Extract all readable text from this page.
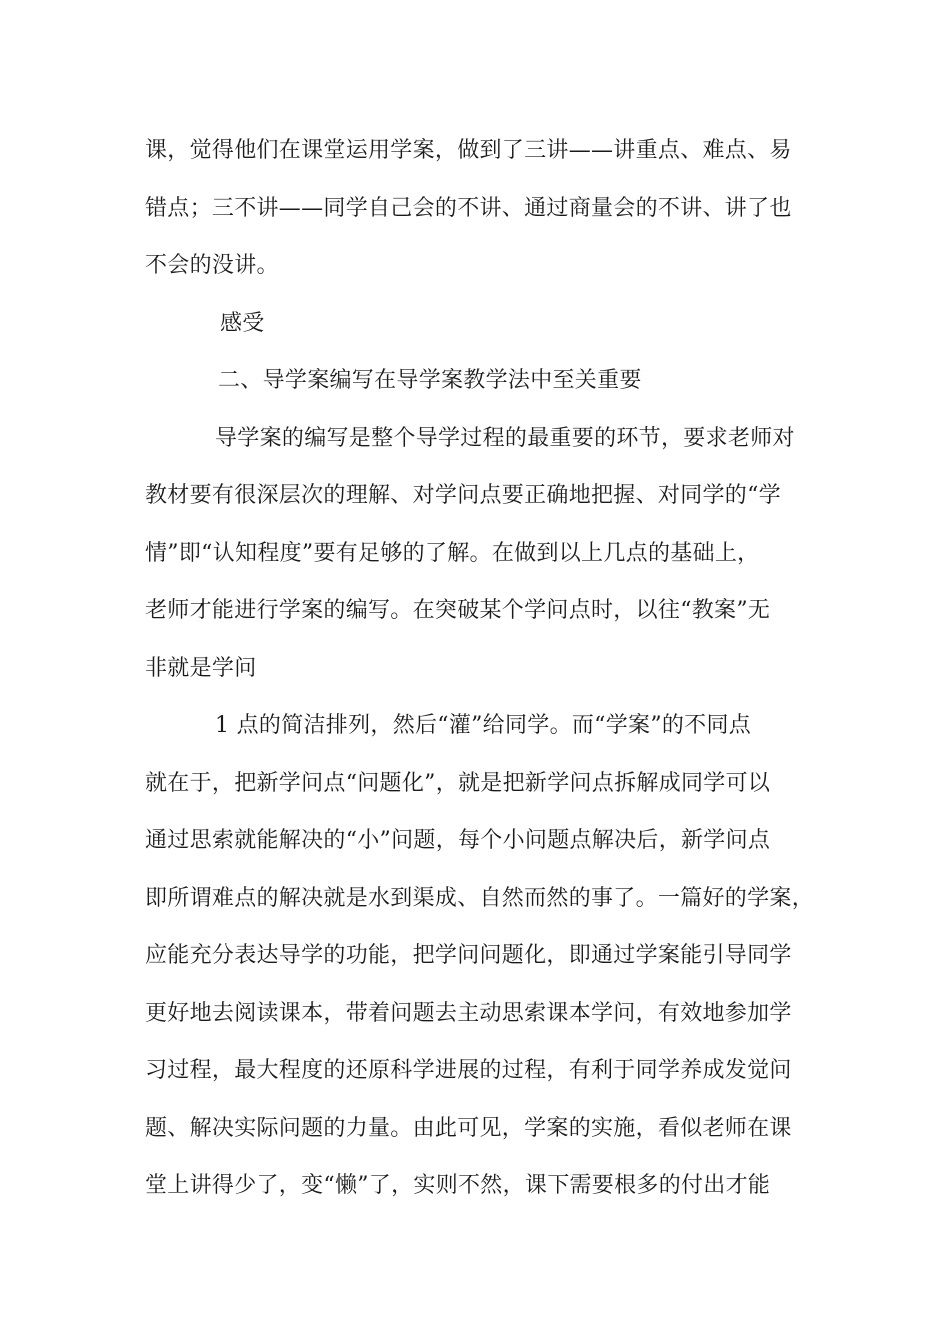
课，觉得他们在课堂运用学案，做到了三讲——讲重点、难点、易
错点；三不讲——同学自己会的不讲、通过商量会的不讲、讲了也
不会的没讲。
感受
二、导学案编写在导学案教学法中至关重要
导学案的编写是整个导学过程的最重要的环节，要求老师对
教材要有很深层次的理解、对学问点要正确地把握、对同学的“学
情”即“认知程度”要有足够的了解。在做到以上几点的基础上，
老师才能进行学案的编写。在突破某个学问点时，以往“教案”无
非就是学问
1 点的简洁排列，然后“灌”给同学。而“学案”的不同点
就在于，把新学问点“问题化”，就是把新学问点拆解成同学可以
通过思索就能解决的“小”问题，每个小问题点解决后，新学问点
即所谓难点的解决就是水到渠成、自然而然的事了。一篇好的学案，
应能充分表达导学的功能，把学问问题化，即通过学案能引导同学
更好地去阅读课本，带着问题去主动思索课本学问，有效地参加学
习过程，最大程度的还原科学进展的过程，有利于同学养成发觉问
题、解决实际问题的力量。由此可见，学案的实施，看似老师在课
堂上讲得少了，变“懒”了，实则不然，课下需要根多的付出才能
